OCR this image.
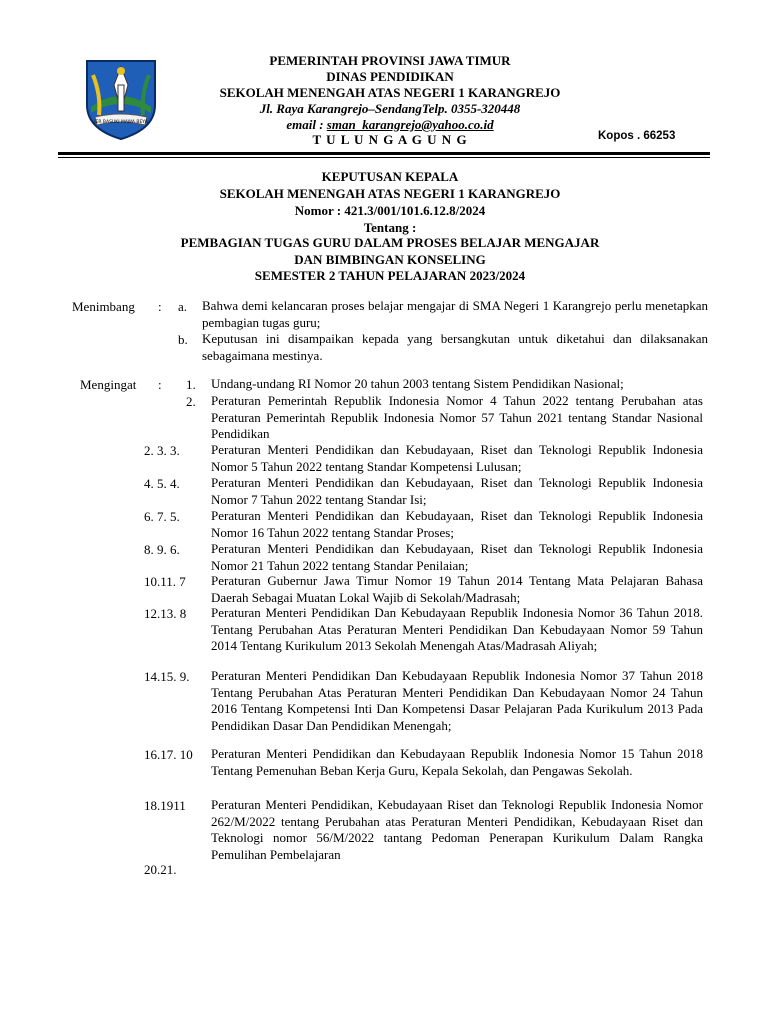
JER BASUKI MAWA BEYA
PEMERINTAH PROVINSI JAWA TIMUR
DINAS PENDIDIKAN
SEKOLAH MENENGAH ATAS NEGERI 1 KARANGREJO
Jl. Raya Karangrejo–SendangTelp. 0355-320448
email : sman_karangrejo@yahoo.co.id
T U L U N G A G U N G	Kopos . 66253
KEPUTUSAN KEPALA
SEKOLAH MENENGAH ATAS NEGERI 1 KARANGREJO
Nomor : 421.3/001/101.6.12.8/2024
Tentang :
PEMBAGIAN TUGAS GURU DALAM PROSES BELAJAR MENGAJAR
DAN BIMBINGAN KONSELING
SEMESTER 2 TAHUN PELAJARAN 2023/2024
Menimbang : a. Bahwa demi kelancaran proses belajar mengajar di SMA Negeri 1 Karangrejo perlu menetapkan pembagian tugas guru;
b. Keputusan ini disampaikan kepada yang bersangkutan untuk diketahui dan dilaksanakan sebagaimana mestinya.
Mengingat : 1. Undang-undang RI Nomor 20 tahun 2003 tentang Sistem Pendidikan Nasional;
2. Peraturan Pemerintah Republik Indonesia Nomor 4 Tahun 2022 tentang Perubahan atas Peraturan Pemerintah Republik Indonesia Nomor 57 Tahun 2021 tentang Standar Nasional Pendidikan
2. 3. 3. Peraturan Menteri Pendidikan dan Kebudayaan, Riset dan Teknologi Republik Indonesia Nomor 5 Tahun 2022 tentang Standar Kompetensi Lulusan;
4. 5. 4. Peraturan Menteri Pendidikan dan Kebudayaan, Riset dan Teknologi Republik Indonesia Nomor 7 Tahun 2022 tentang Standar Isi;
6. 7. 5. Peraturan Menteri Pendidikan dan Kebudayaan, Riset dan Teknologi Republik Indonesia Nomor 16 Tahun 2022 tentang Standar Proses;
8. 9. 6. Peraturan Menteri Pendidikan dan Kebudayaan, Riset dan Teknologi Republik Indonesia Nomor 21 Tahun 2022 tentang Standar Penilaian;
10.11. 7 Peraturan Gubernur Jawa Timur Nomor 19 Tahun 2014 Tentang Mata Pelajaran Bahasa Daerah Sebagai Muatan Lokal Wajib di Sekolah/Madrasah;
12.13. 8 Peraturan Menteri Pendidikan Dan Kebudayaan Republik Indonesia Nomor 36 Tahun 2018. Tentang Perubahan Atas Peraturan Menteri Pendidikan Dan Kebudayaan Nomor 59 Tahun 2014 Tentang Kurikulum 2013 Sekolah Menengah Atas/Madrasah Aliyah;
14.15. 9. Peraturan Menteri Pendidikan Dan Kebudayaan Republik Indonesia Nomor 37 Tahun 2018 Tentang Perubahan Atas Peraturan Menteri Pendidikan Dan Kebudayaan Nomor 24 Tahun 2016 Tentang Kompetensi Inti Dan Kompetensi Dasar Pelajaran Pada Kurikulum 2013 Pada Pendidikan Dasar Dan Pendidikan Menengah;
16.17. 10 Peraturan Menteri Pendidikan dan Kebudayaan Republik Indonesia Nomor 15 Tahun 2018 Tentang Pemenuhan Beban Kerja Guru, Kepala Sekolah, dan Pengawas Sekolah.
18.1911 Peraturan Menteri Pendidikan, Kebudayaan Riset dan Teknologi Republik Indonesia Nomor 262/M/2022 tentang Perubahan atas Peraturan Menteri Pendidikan, Kebudayaan Riset dan Teknologi nomor 56/M/2022 tantang Pedoman Penerapan Kurikulum Dalam Rangka Pemulihan Pembelajaran
20.21.
